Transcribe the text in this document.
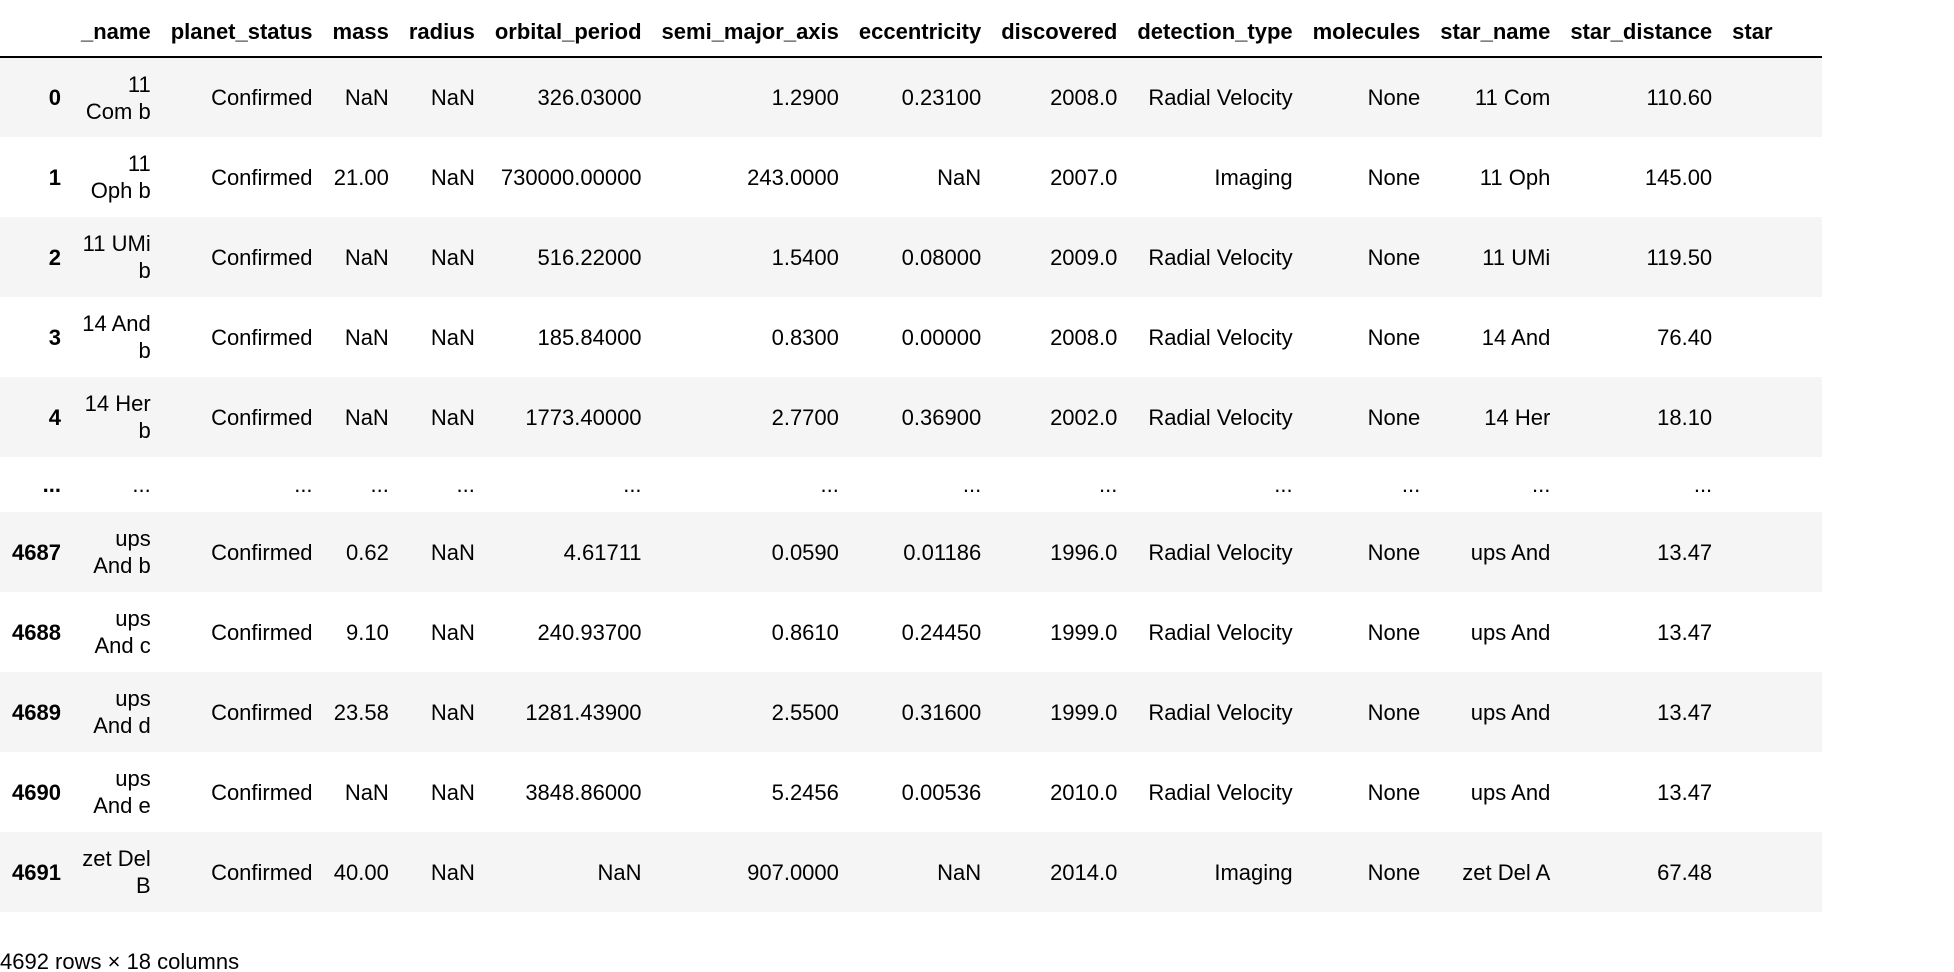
	_name	planet_status	mass	radius	orbital_period	semi_major_axis	eccentricity	discovered	detection_type	molecules	star_name	star_distance	star
0	11 Com b	Confirmed	NaN	NaN	326.03000	1.2900	0.23100	2008.0	Radial Velocity	None	11 Com	110.60	
1	11 Oph b	Confirmed	21.00	NaN	730000.00000	243.0000	NaN	2007.0	Imaging	None	11 Oph	145.00	
2	11 UMi b	Confirmed	NaN	NaN	516.22000	1.5400	0.08000	2009.0	Radial Velocity	None	11 UMi	119.50	
3	14 And b	Confirmed	NaN	NaN	185.84000	0.8300	0.00000	2008.0	Radial Velocity	None	14 And	76.40	
4	14 Her b	Confirmed	NaN	NaN	1773.40000	2.7700	0.36900	2002.0	Radial Velocity	None	14 Her	18.10	
...	...	...	...	...	...	...	...	...	...	...	...	...	
4687	ups And b	Confirmed	0.62	NaN	4.61711	0.0590	0.01186	1996.0	Radial Velocity	None	ups And	13.47	
4688	ups And c	Confirmed	9.10	NaN	240.93700	0.8610	0.24450	1999.0	Radial Velocity	None	ups And	13.47	
4689	ups And d	Confirmed	23.58	NaN	1281.43900	2.5500	0.31600	1999.0	Radial Velocity	None	ups And	13.47	
4690	ups And e	Confirmed	NaN	NaN	3848.86000	5.2456	0.00536	2010.0	Radial Velocity	None	ups And	13.47	
4691	zet Del B	Confirmed	40.00	NaN	NaN	907.0000	NaN	2014.0	Imaging	None	zet Del A	67.48	
4692 rows × 18 columns
